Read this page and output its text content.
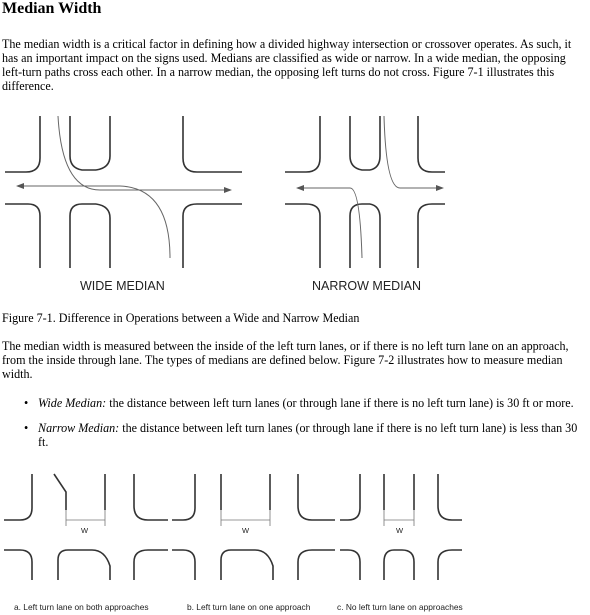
Median Width

The median width is a critical factor in defining how a divided highway intersection or crossover operates. As such, it has an important impact on the signs used. Medians are classified as wide or narrow. In a wide median, the opposing left-turn paths cross each other. In a narrow median, the opposing left turns do not cross. Figure 7-1 illustrates this difference.

WIDE MEDIAN	NARROW MEDIAN

Figure 7-1. Difference in Operations between a Wide and Narrow Median

The median width is measured between the inside of the left turn lanes, or if there is no left turn lane on an approach, from the inside through lane. The types of medians are defined below. Figure 7-2 illustrates how to measure median width.

• Wide Median: the distance between left turn lanes (or through lane if there is no left turn lane) is 30 ft or more.
• Narrow Median: the distance between left turn lanes (or through lane if there is no left turn lane) is less than 30 ft.
W	W	W
a. Left turn lane on both approaches	b. Left turn lane on one approach	c. No left turn lane on approaches
